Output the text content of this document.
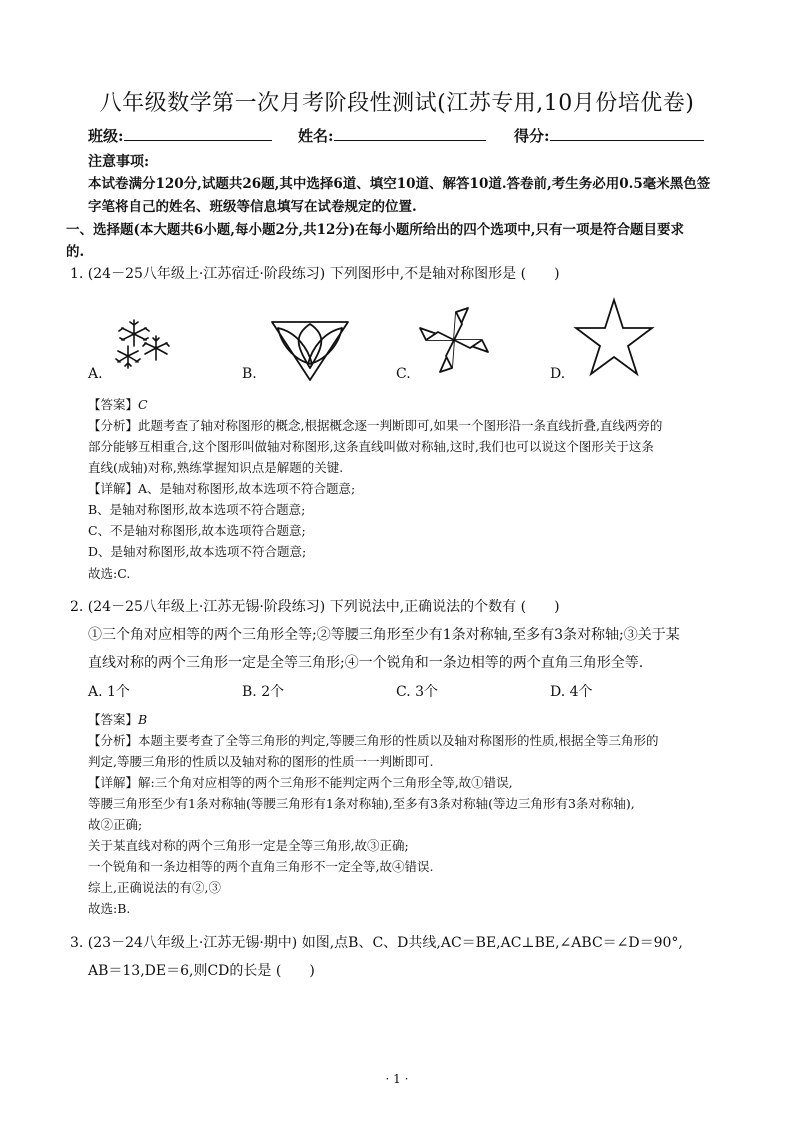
八年级数学第一次月考阶段性测试(江苏专用,10月份培优卷)
班级:	姓名:	得分:
注意事项:
本试卷满分120分,试题共26题,其中选择6道、填空10道、解答10道.答卷前,考生务必用0.5毫米黑色签
字笔将自己的姓名、班级等信息填写在试卷规定的位置.
一、选择题(本大题共6小题,每小题2分,共12分)在每小题所给出的四个选项中,只有一项是符合题目要求
的.
1. (24－25八年级上·江苏宿迁·阶段练习) 下列图形中,不是轴对称图形是 (　　)
A.	B.	C.	D.
【答案】C
【分析】此题考查了轴对称图形的概念,根据概念逐一判断即可,如果一个图形沿一条直线折叠,直线两旁的
部分能够互相重合,这个图形叫做轴对称图形,这条直线叫做对称轴,这时,我们也可以说这个图形关于这条
直线(成轴)对称,熟练掌握知识点是解题的关键.
【详解】A、是轴对称图形,故本选项不符合题意;
B、是轴对称图形,故本选项不符合题意;
C、不是轴对称图形,故本选项符合题意;
D、是轴对称图形,故本选项不符合题意;
故选:C.
2. (24－25八年级上·江苏无锡·阶段练习) 下列说法中,正确说法的个数有 (　　)
①三个角对应相等的两个三角形全等;②等腰三角形至少有1条对称轴,至多有3条对称轴;③关于某
直线对称的两个三角形一定是全等三角形;④一个锐角和一条边相等的两个直角三角形全等.
A. 1个	B. 2个	C. 3个	D. 4个
【答案】B
【分析】本题主要考查了全等三角形的判定,等腰三角形的性质以及轴对称图形的性质,根据全等三角形的
判定,等腰三角形的性质以及轴对称的图形的性质一一判断即可.
【详解】解:三个角对应相等的两个三角形不能判定两个三角形全等,故①错误,
等腰三角形至少有1条对称轴(等腰三角形有1条对称轴),至多有3条对称轴(等边三角形有3条对称轴),
故②正确;
关于某直线对称的两个三角形一定是全等三角形,故③正确;
一个锐角和一条边相等的两个直角三角形不一定全等,故④错误.
综上,正确说法的有②,③
故选:B.
3. (23－24八年级上·江苏无锡·期中) 如图,点B、C、D共线,AC＝BE,AC⊥BE,∠ABC＝∠D＝90°,
AB＝13,DE＝6,则CD的长是 (　　)
· 1 ·
